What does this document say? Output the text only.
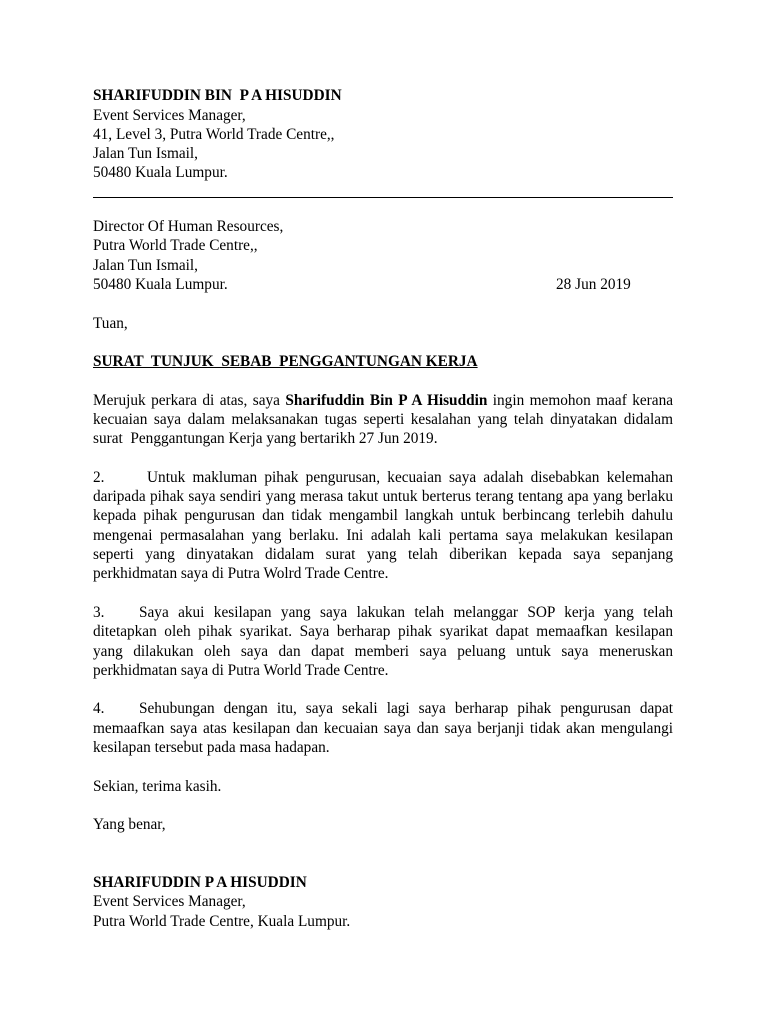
SHARIFUDDIN BIN  P A HISUDDIN
Event Services Manager,
41, Level 3, Putra World Trade Centre,,
Jalan Tun Ismail,
50480 Kuala Lumpur.
Director Of Human Resources,
Putra World Trade Centre,,
Jalan Tun Ismail,
50480 Kuala Lumpur.	28 Jun 2019
Tuan,
SURAT  TUNJUK  SEBAB  PENGGANTUNGAN KERJA
Merujuk perkara di atas, saya Sharifuddin Bin P A Hisuddin ingin memohon maaf kerana
kecuaian saya dalam melaksanakan tugas seperti kesalahan yang telah dinyatakan didalam
surat  Penggantungan Kerja yang bertarikh 27 Jun 2019.
2.	Untuk makluman pihak pengurusan, kecuaian saya adalah disebabkan kelemahan
daripada pihak saya sendiri yang merasa takut untuk berterus terang tentang apa yang berlaku
kepada pihak pengurusan dan tidak mengambil langkah untuk berbincang terlebih dahulu
mengenai permasalahan yang berlaku. Ini adalah kali pertama saya melakukan kesilapan
seperti yang dinyatakan didalam surat yang telah diberikan kepada saya sepanjang
perkhidmatan saya di Putra Wolrd Trade Centre.
3. Saya akui kesilapan yang saya lakukan telah melanggar SOP kerja yang telah
ditetapkan oleh pihak syarikat. Saya berharap pihak syarikat dapat memaafkan kesilapan
yang dilakukan oleh saya dan dapat memberi saya peluang untuk saya meneruskan
perkhidmatan saya di Putra World Trade Centre.
4. Sehubungan dengan itu, saya sekali lagi saya berharap pihak pengurusan dapat
memaafkan saya atas kesilapan dan kecuaian saya dan saya berjanji tidak akan mengulangi
kesilapan tersebut pada masa hadapan.
Sekian, terima kasih.
Yang benar,
SHARIFUDDIN P A HISUDDIN
Event Services Manager,
Putra World Trade Centre, Kuala Lumpur.
